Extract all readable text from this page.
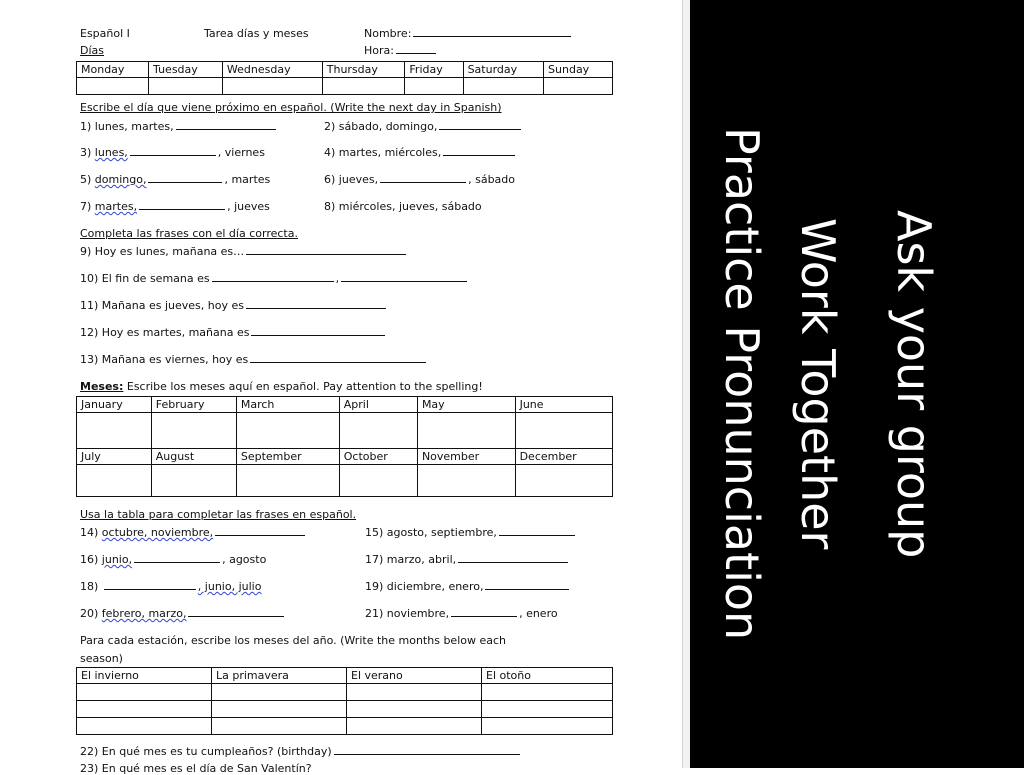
Ask your group
Work Together
Practice Pronunciation
Español I	Tarea días y meses	Nombre:
Días	Hora:
Monday	Tuesday	Wednesday	Thursday	Friday	Saturday	Sunday

Escribe el día que viene próximo en español. (Write the next day in Spanish)
1) lunes, martes,	2) sábado, domingo,
3) lunes,	, viernes	4) martes, miércoles,
5) domingo,	, martes	6) jueves,	, sábado
7) martes,	, jueves	8) miércoles, jueves, sábado
Completa las frases con el día correcta.
9) Hoy es lunes, mañana es…
10) El fin de semana es	,
11) Mañana es jueves, hoy es
12) Hoy es martes, mañana es
13) Mañana es viernes, hoy es
Meses: Escribe los meses aquí en español. Pay attention to the spelling!
January	February	March	April	May	June

July	August	September	October	November	December

Usa la tabla para completar las frases en español.
14) octubre, noviembre,	15) agosto, septiembre,
16) junio,	, agosto	17) marzo, abril,
18)	, junio, julio	19) diciembre, enero,
20) febrero, marzo,	21) noviembre,	, enero
Para cada estación, escribe los meses del año. (Write the months below each
season)
El invierno	La primavera	El verano	El otoño

22) En qué mes es tu cumpleaños? (birthday)
23) En qué mes es el día de San Valentín?
